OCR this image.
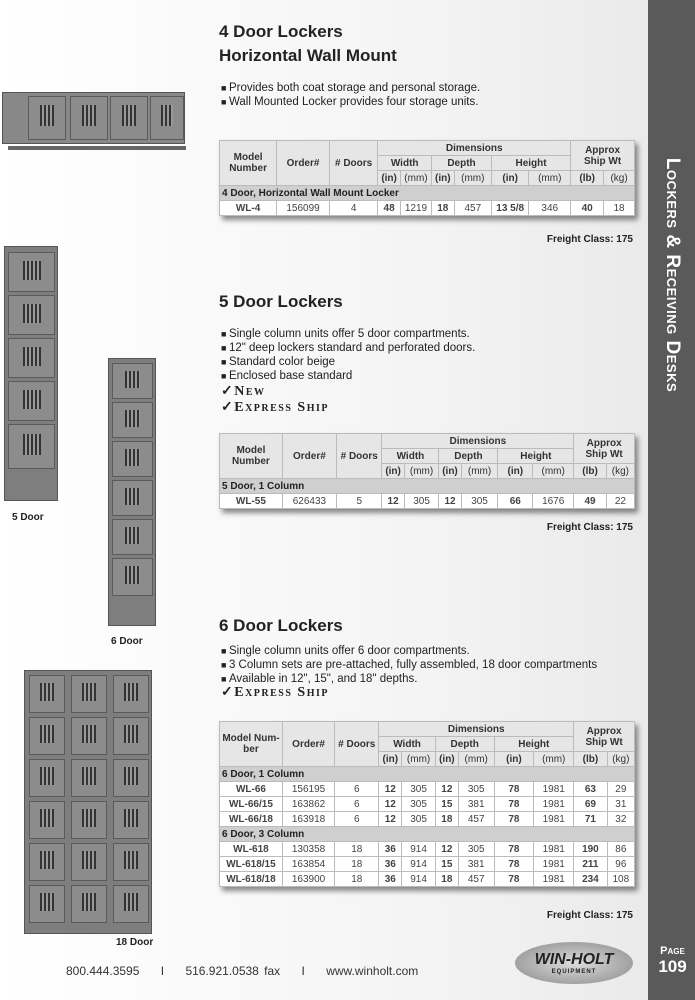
Lockers & Receiving Desks
Page
109
5 Door
6 Door
18 Door
4 Door Lockers
Horizontal Wall Mount
■ Provides both coat storage and personal storage.
■ Wall Mounted Locker provides four storage units.
Model Number	Order#	# Doors	Dimensions						Approx Ship Wt	
			Width		Depth		Height			
			(in)	(mm)	(in)	(mm)	(in)	(mm)	(lb)	(kg)
4 Door, Horizontal Wall Mount Locker										
WL-4	156099	4	48	1219	18	457	13 5/8	346	40	18
Freight Class: 175
5 Door Lockers
■ Single column units offer 5 door compartments.
■ 12" deep lockers standard and perforated doors.
■ Standard color beige
■ Enclosed base standard
✓New
✓Express Ship
Model Number	Order#	# Doors	Dimensions						Approx Ship Wt	
			Width		Depth		Height			
			(in)	(mm)	(in)	(mm)	(in)	(mm)	(lb)	(kg)
5 Door, 1 Column										
WL-55	626433	5	12	305	12	305	66	1676	49	22
Freight Class: 175
6 Door Lockers
■ Single column units offer 6 door compartments.
■ 3 Column sets are pre-attached, fully assembled, 18 door compartments
■ Available in 12", 15", and 18" depths.
✓Express Ship
Model Num-ber	Order#	# Doors	Dimensions						Approx Ship Wt	
			Width		Depth		Height			
			(in)	(mm)	(in)	(mm)	(in)	(mm)	(lb)	(kg)
6 Door, 1 Column										
WL-66	156195	6	12	305	12	305	78	1981	63	29
WL-66/15	163862	6	12	305	15	381	78	1981	69	31
WL-66/18	163918	6	12	305	18	457	78	1981	71	32
6 Door, 3 Column										
WL-618	130358	18	36	914	12	305	78	1981	190	86
WL-618/15	163854	18	36	914	15	381	78	1981	211	96
WL-618/18	163900	18	36	914	18	457	78	1981	234	108
Freight Class: 175
800.444.3595 I 516.921.0538 fax I www.winholt.com
WIN-HOLT
EQUIPMENT
